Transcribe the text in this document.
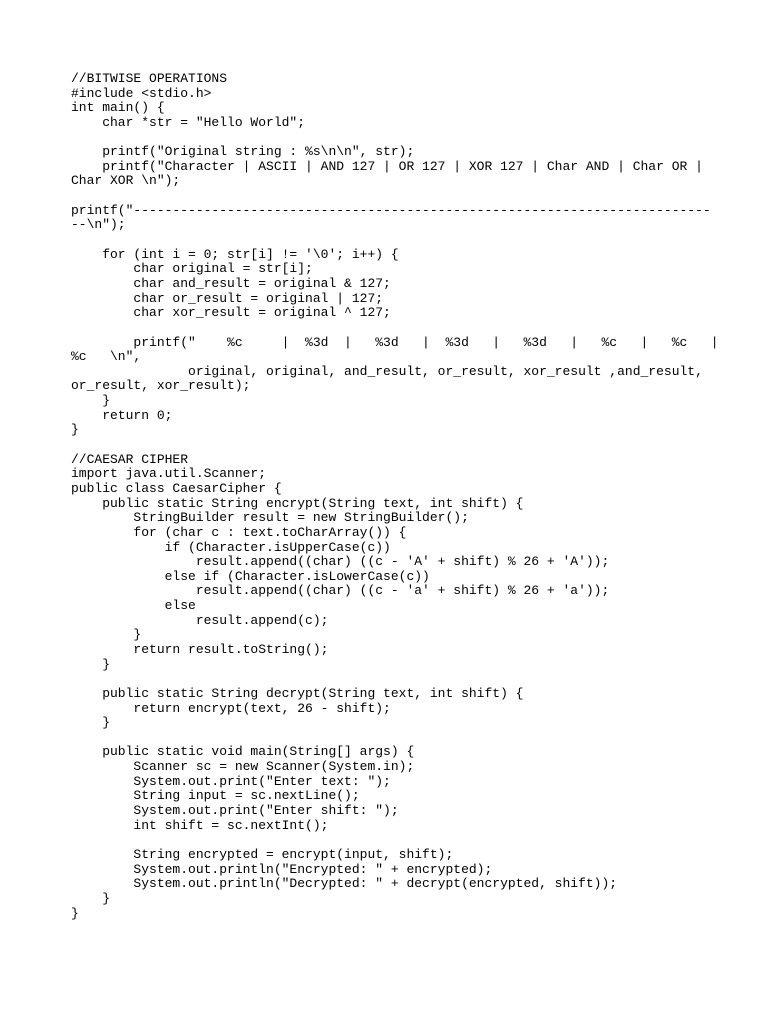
//BITWISE OPERATIONS
#include <stdio.h>
int main() {
char *str = "Hello World";
printf("Original string : %s\n\n", str);
printf("Character | ASCII | AND 127 | OR 127 | XOR 127 | Char AND | Char OR |
Char XOR \n");
printf("--------------------------------------------------------------------------
--\n");
for (int i = 0; str[i] != '\0'; i++) {
char original = str[i];
char and_result = original & 127;
char or_result = original | 127;
char xor_result = original ^ 127;
printf("    %c     |  %3d  |   %3d   |  %3d   |   %3d   |   %c   |   %c   |
%c   \n",
original, original, and_result, or_result, xor_result ,and_result,
or_result, xor_result);
}
return 0;
}
//CAESAR CIPHER
import java.util.Scanner;
public class CaesarCipher {
public static String encrypt(String text, int shift) {
StringBuilder result = new StringBuilder();
for (char c : text.toCharArray()) {
if (Character.isUpperCase(c))
result.append((char) ((c - 'A' + shift) % 26 + 'A'));
else if (Character.isLowerCase(c))
result.append((char) ((c - 'a' + shift) % 26 + 'a'));
else
result.append(c);
}
return result.toString();
}
public static String decrypt(String text, int shift) {
return encrypt(text, 26 - shift);
}
public static void main(String[] args) {
Scanner sc = new Scanner(System.in);
System.out.print("Enter text: ");
String input = sc.nextLine();
System.out.print("Enter shift: ");
int shift = sc.nextInt();
String encrypted = encrypt(input, shift);
System.out.println("Encrypted: " + encrypted);
System.out.println("Decrypted: " + decrypt(encrypted, shift));
}
}
